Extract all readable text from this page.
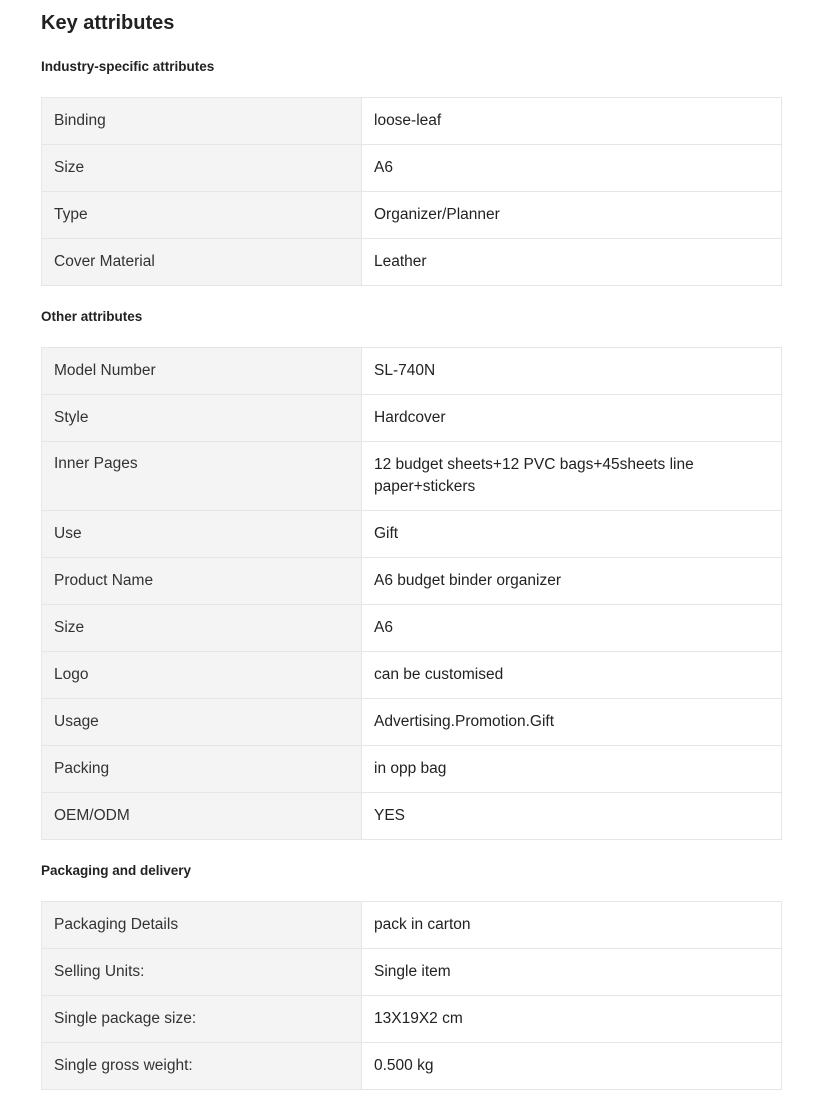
Key attributes
Industry-specific attributes
Binding	loose-leaf
Size	A6
Type	Organizer/Planner
Cover Material	Leather
Other attributes
Model Number	SL-740N
Style	Hardcover
Inner Pages	12 budget sheets+12 PVC bags+45sheets line paper+stickers
Use	Gift
Product Name	A6 budget binder organizer
Size	A6
Logo	can be customised
Usage	Advertising.Promotion.Gift
Packing	in opp bag
OEM/ODM	YES
Packaging and delivery
Packaging Details	pack in carton
Selling Units:	Single item
Single package size:	13X19X2 cm
Single gross weight:	0.500 kg
